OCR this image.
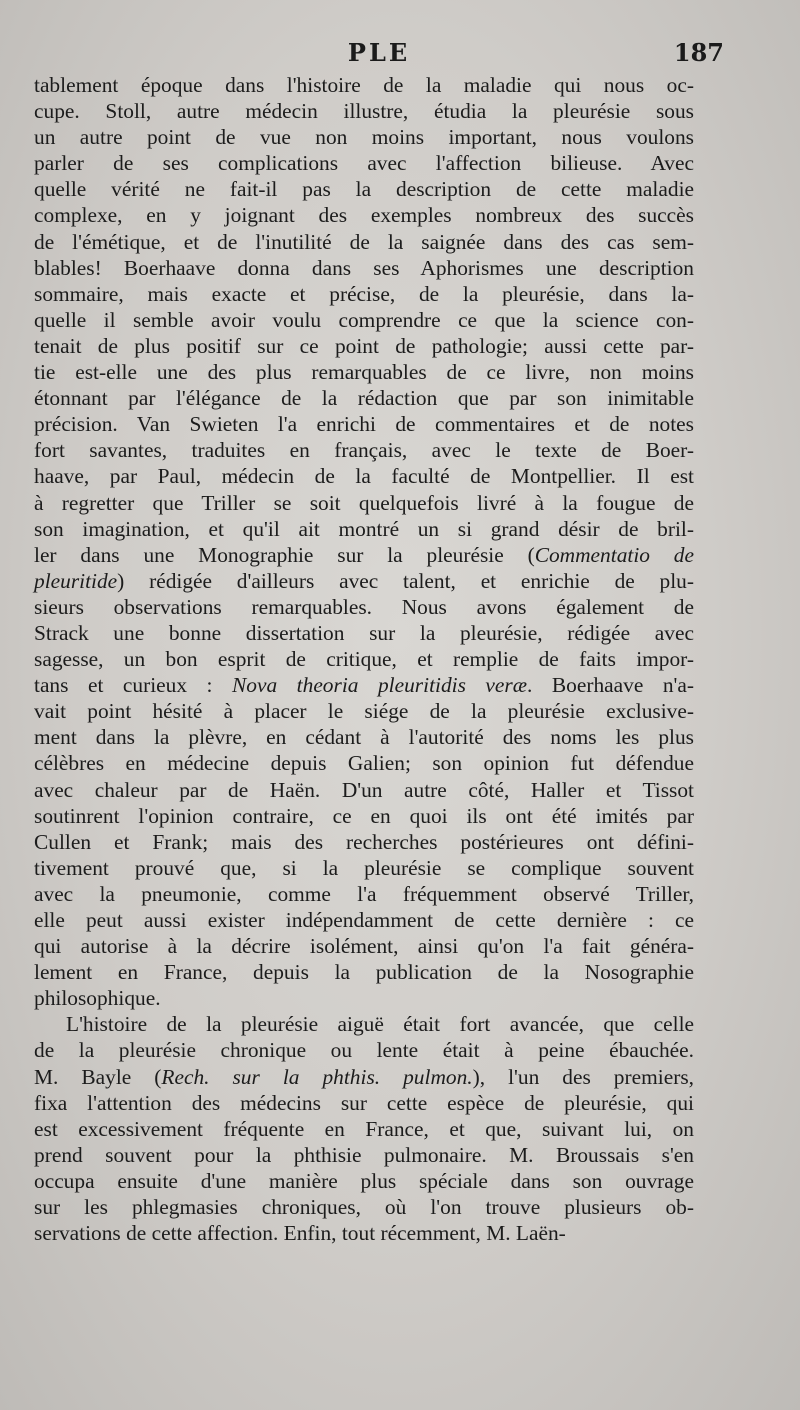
PLE	187
tablement époque dans l'histoire de la maladie qui nous oc-
cupe. Stoll, autre médecin illustre, étudia la pleurésie sous
un autre point de vue non moins important, nous voulons
parler de ses complications avec l'affection bilieuse. Avec
quelle vérité ne fait-il pas la description de cette maladie
complexe, en y joignant des exemples nombreux des succès
de l'émétique, et de l'inutilité de la saignée dans des cas sem-
blables! Boerhaave donna dans ses Aphorismes une description
sommaire, mais exacte et précise, de la pleurésie, dans la-
quelle il semble avoir voulu comprendre ce que la science con-
tenait de plus positif sur ce point de pathologie; aussi cette par-
tie est-elle une des plus remarquables de ce livre, non moins
étonnant par l'élégance de la rédaction que par son inimitable
précision. Van Swieten l'a enrichi de commentaires et de notes
fort savantes, traduites en français, avec le texte de Boer-
haave, par Paul, médecin de la faculté de Montpellier. Il est
à regretter que Triller se soit quelquefois livré à la fougue de
son imagination, et qu'il ait montré un si grand désir de bril-
ler dans une Monographie sur la pleurésie (Commentatio de
pleuritide) rédigée d'ailleurs avec talent, et enrichie de plu-
sieurs observations remarquables. Nous avons également de
Strack une bonne dissertation sur la pleurésie, rédigée avec
sagesse, un bon esprit de critique, et remplie de faits impor-
tans et curieux : Nova theoria pleuritidis veræ. Boerhaave n'a-
vait point hésité à placer le siége de la pleurésie exclusive-
ment dans la plèvre, en cédant à l'autorité des noms les plus
célèbres en médecine depuis Galien; son opinion fut défendue
avec chaleur par de Haën. D'un autre côté, Haller et Tissot
soutinrent l'opinion contraire, ce en quoi ils ont été imités par
Cullen et Frank; mais des recherches postérieures ont défini-
tivement prouvé que, si la pleurésie se complique souvent
avec la pneumonie, comme l'a fréquemment observé Triller,
elle peut aussi exister indépendamment de cette dernière : ce
qui autorise à la décrire isolément, ainsi qu'on l'a fait généra-
lement en France, depuis la publication de la Nosographie
philosophique.
L'histoire de la pleurésie aiguë était fort avancée, que celle
de la pleurésie chronique ou lente était à peine ébauchée.
M. Bayle (Rech. sur la phthis. pulmon.), l'un des premiers,
fixa l'attention des médecins sur cette espèce de pleurésie, qui
est excessivement fréquente en France, et que, suivant lui, on
prend souvent pour la phthisie pulmonaire. M. Broussais s'en
occupa ensuite d'une manière plus spéciale dans son ouvrage
sur les phlegmasies chroniques, où l'on trouve plusieurs ob-
servations de cette affection. Enfin, tout récemment, M. Laën-
